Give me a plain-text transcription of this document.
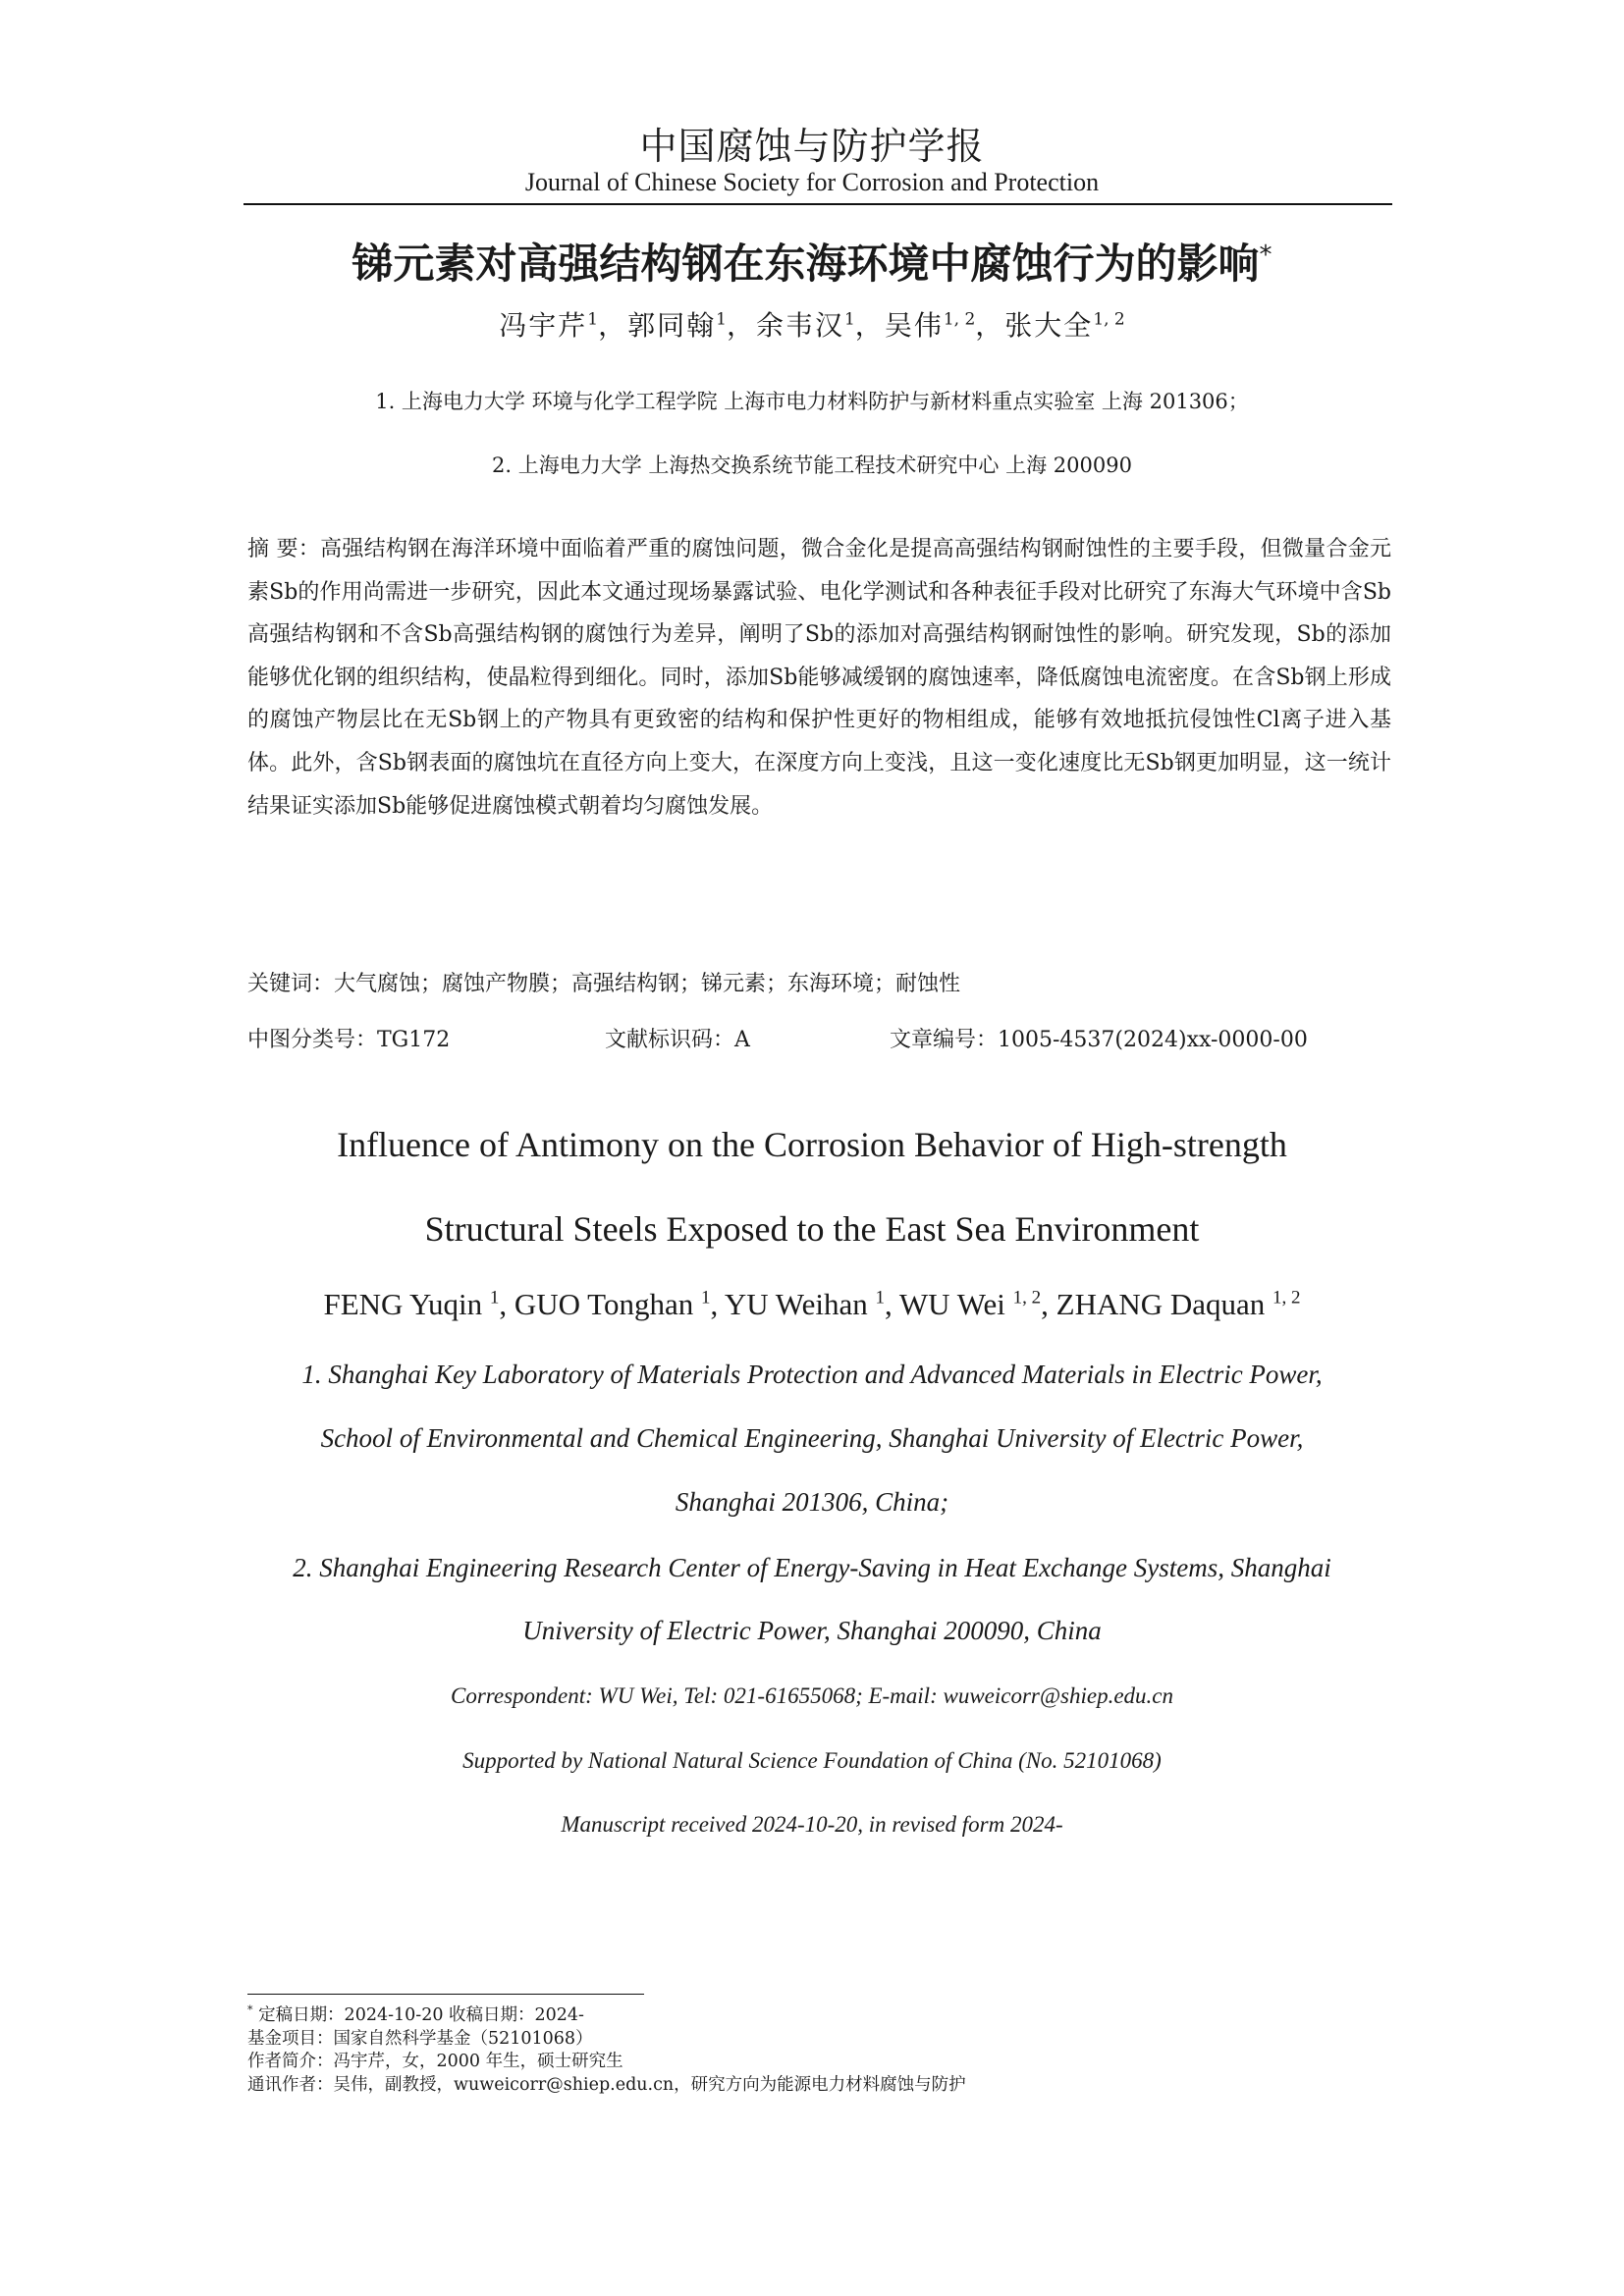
中国腐蚀与防护学报
Journal of Chinese Society for Corrosion and Protection
锑元素对高强结构钢在东海环境中腐蚀行为的影响*
冯宇芹$^1$，郭同翰$^1$，余韦汉$^1$，吴伟$^{1, 2}$，张大全$^{1, 2}$
1. 上海电力大学 环境与化学工程学院 上海市电力材料防护与新材料重点实验室 上海 201306；
2. 上海电力大学 上海热交换系统节能工程技术研究中心 上海 200090
摘 要：高强结构钢在海洋环境中面临着严重的腐蚀问题，微合金化是提高高强结构钢耐蚀性的主要手段，但微量合金元素Sb的作用尚需进一步研究，因此本文通过现场暴露试验、电化学测试和各种表征手段对比研究了东海大气环境中含Sb高强结构钢和不含Sb高强结构钢的腐蚀行为差异，阐明了Sb的添加对高强结构钢耐蚀性的影响。研究发现，Sb的添加能够优化钢的组织结构，使晶粒得到细化。同时，添加Sb能够减缓钢的腐蚀速率，降低腐蚀电流密度。在含Sb钢上形成的腐蚀产物层比在无Sb钢上的产物具有更致密的结构和保护性更好的物相组成，能够有效地抵抗侵蚀性Cl离子进入基体。此外，含Sb钢表面的腐蚀坑在直径方向上变大，在深度方向上变浅，且这一变化速度比无Sb钢更加明显，这一统计结果证实添加Sb能够促进腐蚀模式朝着均匀腐蚀发展。
关键词：大气腐蚀；腐蚀产物膜；高强结构钢；锑元素；东海环境；耐蚀性
中图分类号：TG172	文献标识码：A	文章编号：1005-4537(2024)xx-0000-00
Influence of Antimony on the Corrosion Behavior of High-strength
Structural Steels Exposed to the East Sea Environment
FENG Yuqin $^1$, GUO Tonghan $^1$, YU Weihan $^1$, WU Wei $^{1, 2}$, ZHANG Daquan $^{1, 2}$
1. Shanghai Key Laboratory of Materials Protection and Advanced Materials in Electric Power,
School of Environmental and Chemical Engineering, Shanghai University of Electric Power,
Shanghai 201306, China;
2. Shanghai Engineering Research Center of Energy-Saving in Heat Exchange Systems, Shanghai
University of Electric Power, Shanghai 200090, China
Correspondent: WU Wei, Tel: 021-61655068; E-mail: wuweicorr@shiep.edu.cn
Supported by National Natural Science Foundation of China (No. 52101068)
Manuscript received 2024-10-20, in revised form 2024-
* 定稿日期：2024-10-20 收稿日期：2024-
基金项目：国家自然科学基金（52101068）
作者简介：冯宇芹，女，2000 年生，硕士研究生
通讯作者：吴伟，副教授，wuweicorr@shiep.edu.cn，研究方向为能源电力材料腐蚀与防护
